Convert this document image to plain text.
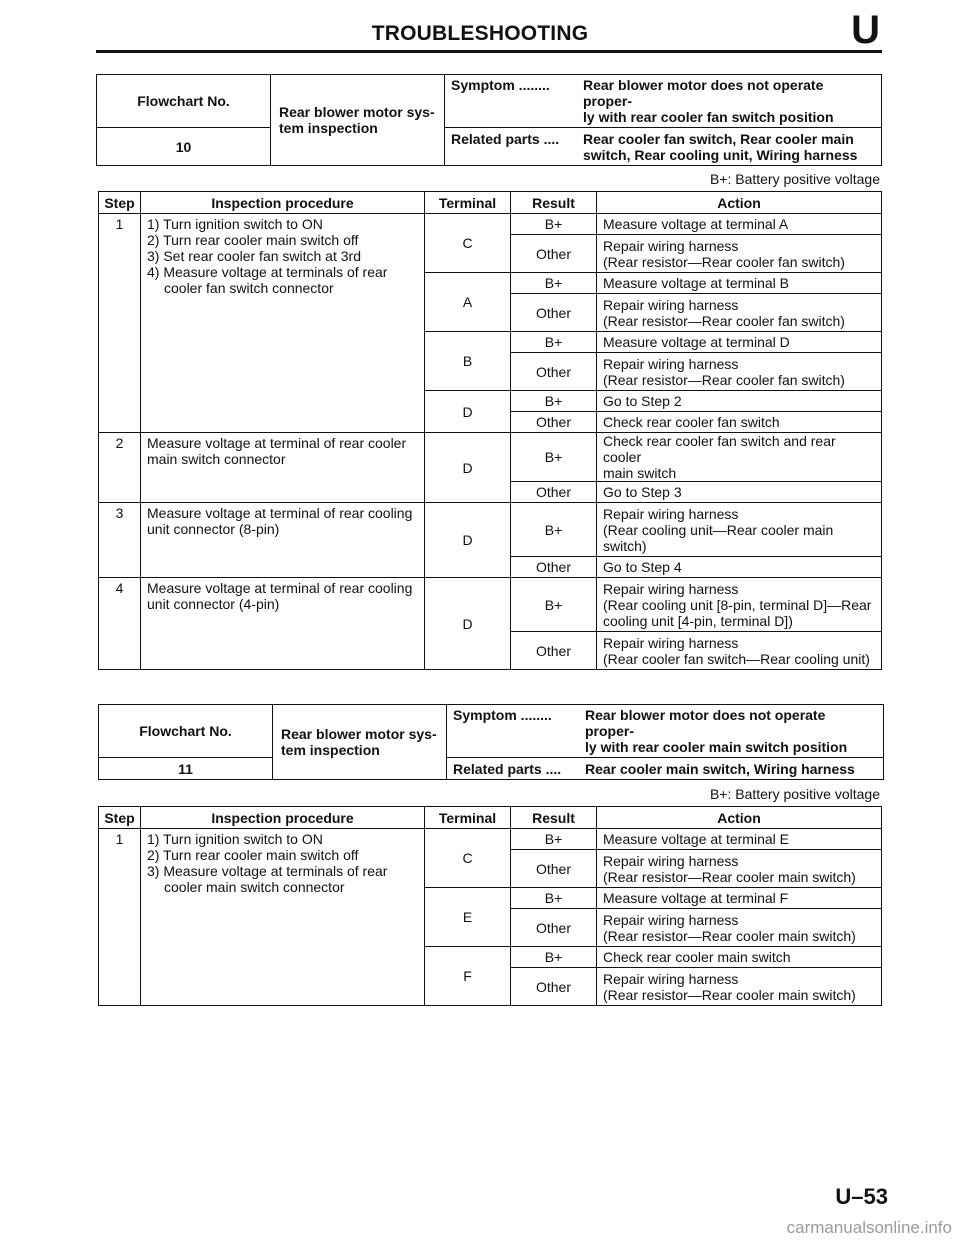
TROUBLESHOOTING	U
Flowchart No.	Rear blower motor sys- tem inspection	Symptom ........ Rear blower motor does not operate proper-
ly with rear cooler fan switch position

10		Related parts .... Rear cooler fan switch, Rear cooler main
switch, Rear cooling unit, Wiring harness
B+: Battery positive voltage
Step	Inspection procedure	Terminal	Result	Action
1	1) Turn ignition switch to ON
2) Turn rear cooler main switch off
3) Set rear cooler fan switch at 3rd
4) Measure voltage at terminals of rear
cooler fan switch connector	C	B+	Measure voltage at terminal A

			Other	Repair wiring harness
(Rear resistor—Rear cooler fan switch)

		A	B+	Measure voltage at terminal B

			Other	Repair wiring harness
(Rear resistor—Rear cooler fan switch)

		B	B+	Measure voltage at terminal D

			Other	Repair wiring harness
(Rear resistor—Rear cooler fan switch)

		D	B+	Go to Step 2

			Other	Check rear cooler fan switch

2	Measure voltage at terminal of rear cooler
main switch connector	D	B+	Check rear cooler fan switch and rear cooler
main switch

			Other	Go to Step 3

3	Measure voltage at terminal of rear cooling
unit connector (8-pin)	D	B+	Repair wiring harness
(Rear cooling unit—Rear cooler main
switch)

			Other	Go to Step 4

4	Measure voltage at terminal of rear cooling
unit connector (4-pin)	D	B+	Repair wiring harness
(Rear cooling unit [8-pin, terminal D]—Rear
cooling unit [4-pin, terminal D])

			Other	Repair wiring harness
(Rear cooler fan switch—Rear cooling unit)
Flowchart No.	Rear blower motor sys- tem inspection	Symptom ........ Rear blower motor does not operate proper-
ly with rear cooler main switch position

11		Related parts .... Rear cooler main switch, Wiring harness
B+: Battery positive voltage
Step	Inspection procedure	Terminal	Result	Action
1	1) Turn ignition switch to ON
2) Turn rear cooler main switch off
3) Measure voltage at terminals of rear
cooler main switch connector	C	B+	Measure voltage at terminal E

			Other	Repair wiring harness
(Rear resistor—Rear cooler main switch)

		E	B+	Measure voltage at terminal F

			Other	Repair wiring harness
(Rear resistor—Rear cooler main switch)

		F	B+	Check rear cooler main switch

			Other	Repair wiring harness
(Rear resistor—Rear cooler main switch)
U–53
carmanualsonline.info
